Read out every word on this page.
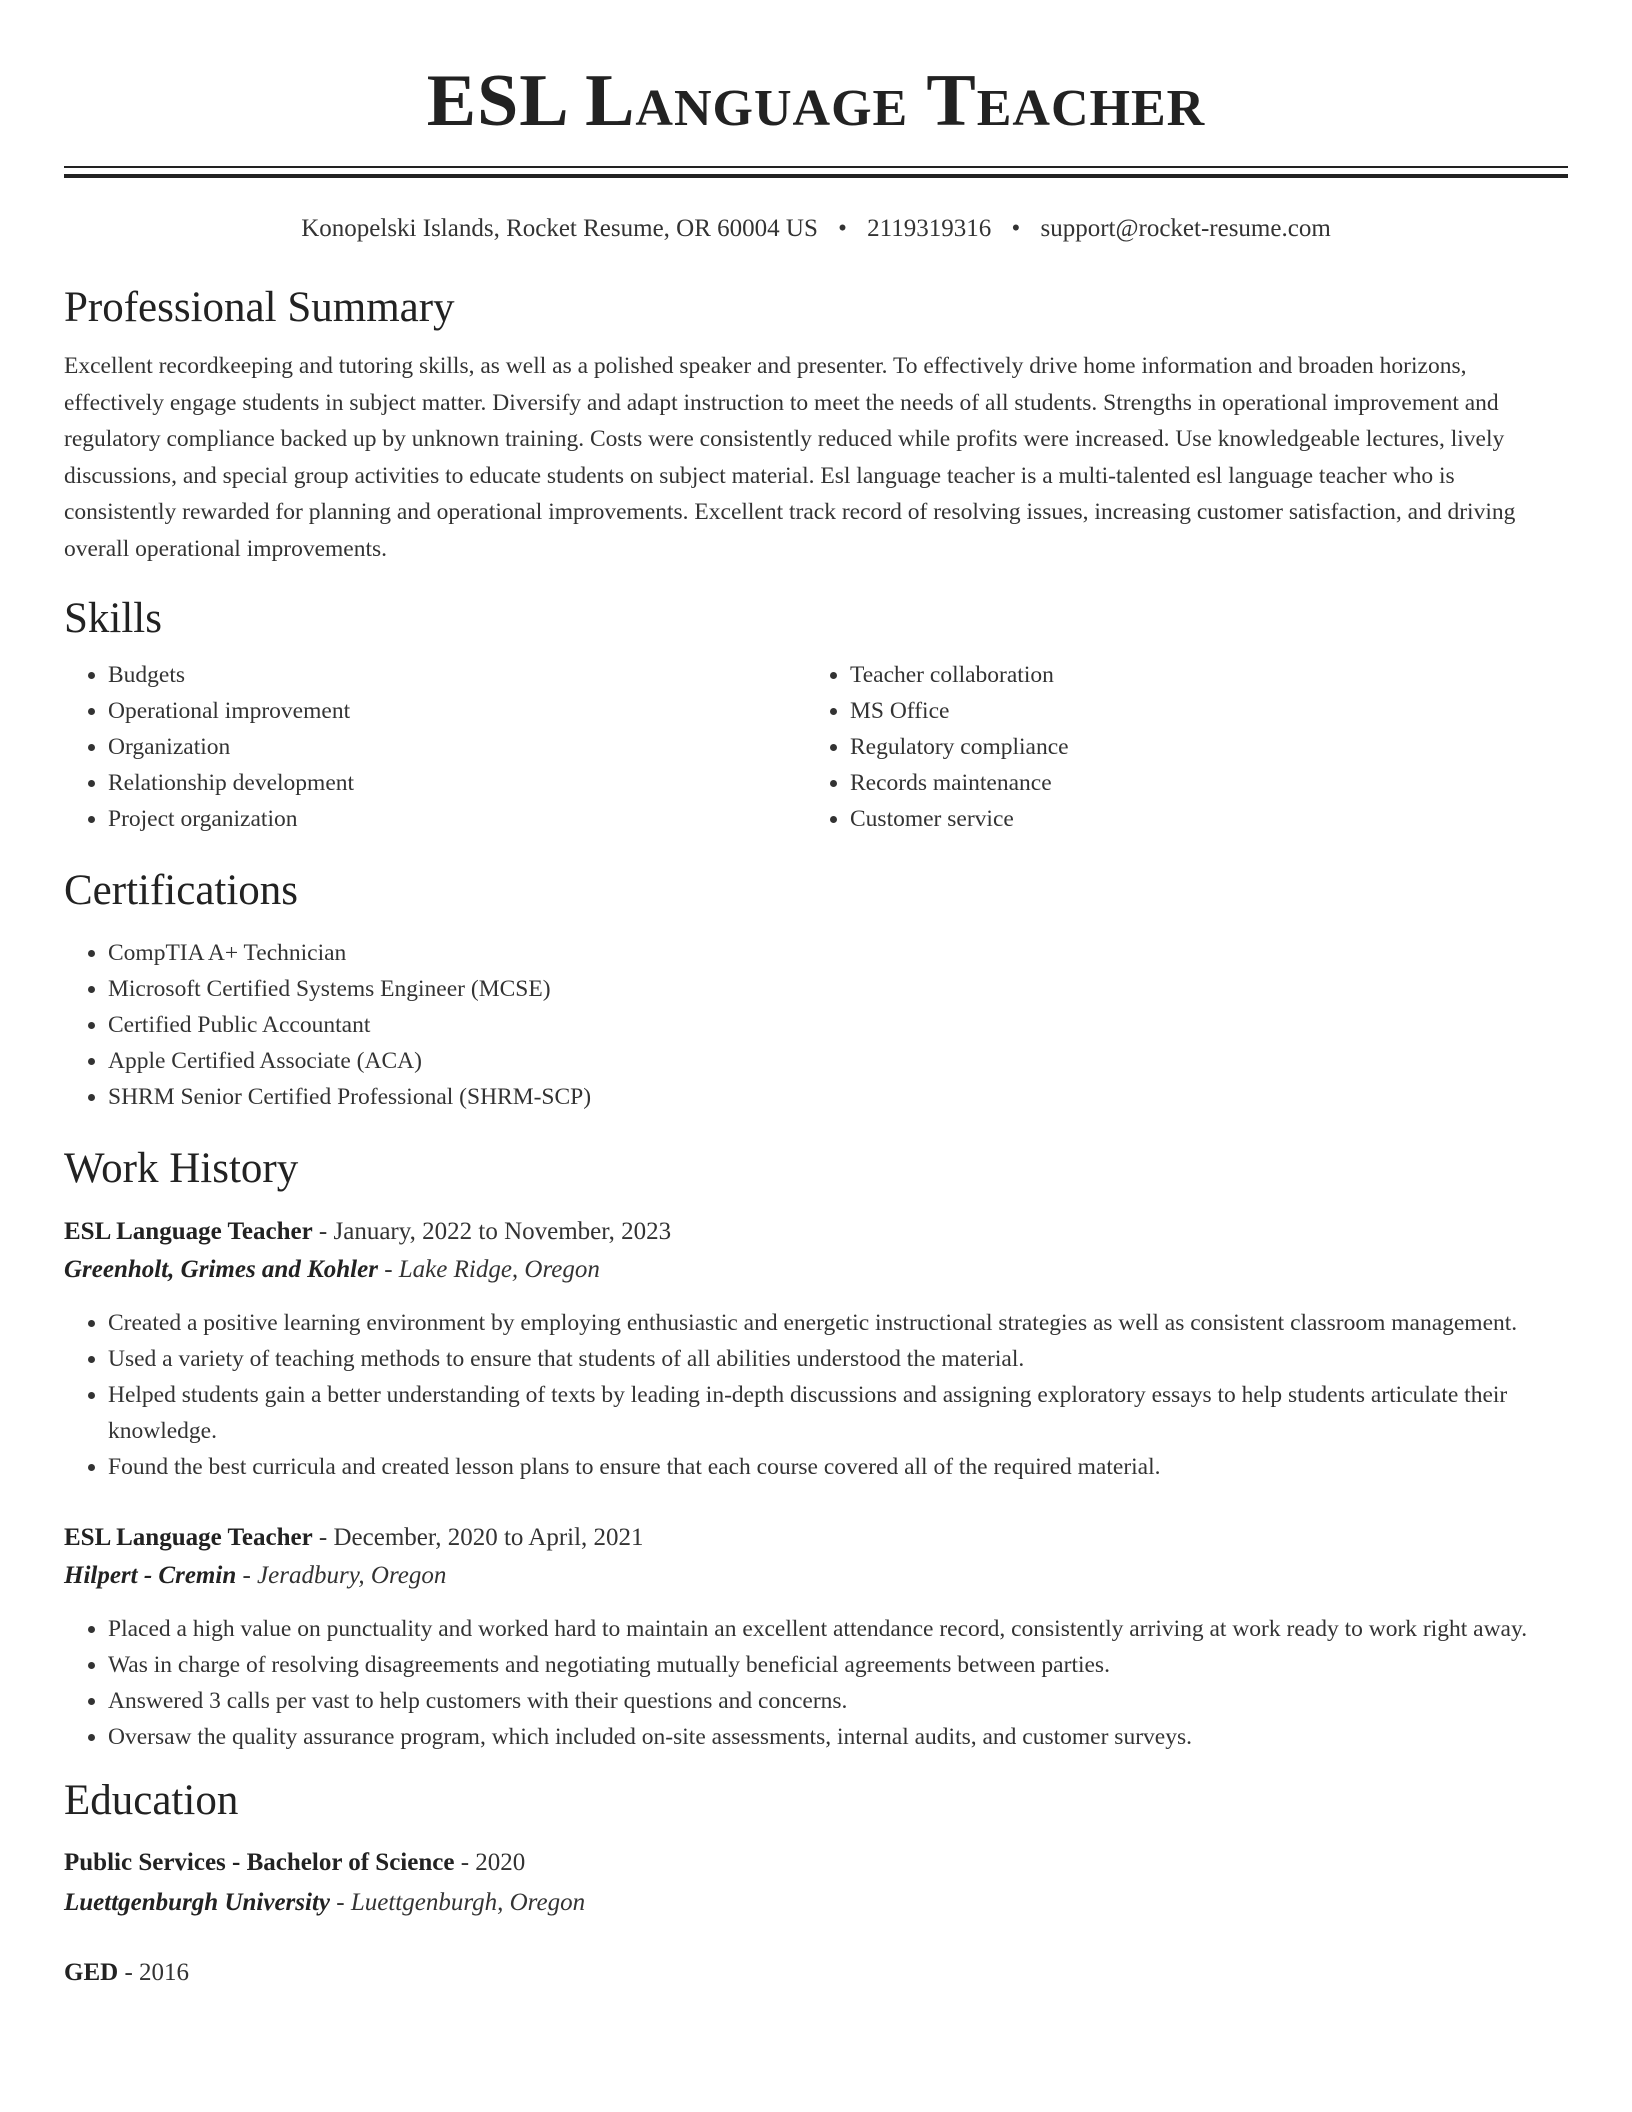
ESL Language Teacher
Konopelski Islands, Rocket Resume, OR 60004 US • 2119319316 • support@rocket-resume.com
Professional Summary

Excellent recordkeeping and tutoring skills, as well as a polished speaker and presenter. To effectively drive home information and broaden horizons, effectively engage students in subject matter. Diversify and adapt instruction to meet the needs of all students. Strengths in operational improvement and regulatory compliance backed up by unknown training. Costs were consistently reduced while profits were increased. Use knowledgeable lectures, lively discussions, and special group activities to educate students on subject material. Esl language teacher is a multi-talented esl language teacher who is consistently rewarded for planning and operational improvements. Excellent track record of resolving issues, increasing customer satisfaction, and driving overall operational improvements.

Skills
• Budgets
• Operational improvement
• Organization
• Relationship development
• Project organization
• Teacher collaboration
• MS Office
• Regulatory compliance
• Records maintenance
• Customer service
Certifications
• CompTIA A+ Technician
• Microsoft Certified Systems Engineer (MCSE)
• Certified Public Accountant
• Apple Certified Associate (ACA)
• SHRM Senior Certified Professional (SHRM-SCP)
Work History
ESL Language Teacher - January, 2022 to November, 2023
Greenholt, Grimes and Kohler - Lake Ridge, Oregon
• Created a positive learning environment by employing enthusiastic and energetic instructional strategies as well as consistent classroom management.
• Used a variety of teaching methods to ensure that students of all abilities understood the material.
• Helped students gain a better understanding of texts by leading in-depth discussions and assigning exploratory essays to help students articulate their knowledge.
• Found the best curricula and created lesson plans to ensure that each course covered all of the required material.
ESL Language Teacher - December, 2020 to April, 2021
Hilpert - Cremin - Jeradbury, Oregon
• Placed a high value on punctuality and worked hard to maintain an excellent attendance record, consistently arriving at work ready to work right away.
• Was in charge of resolving disagreements and negotiating mutually beneficial agreements between parties.
• Answered 3 calls per vast to help customers with their questions and concerns.
• Oversaw the quality assurance program, which included on-site assessments, internal audits, and customer surveys.
Education
Public Services - Bachelor of Science - 2020
Luettgenburgh University - Luettgenburgh, Oregon
GED - 2016
